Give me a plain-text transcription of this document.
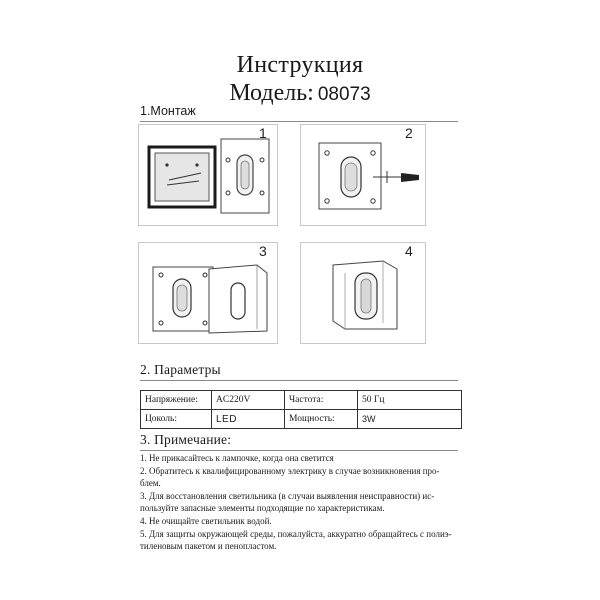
Инструкция
Модель: 08073
1.Монтаж
1	2
3	4
2. Параметры
Напряжение:	AC220V	Частота:	50 Гц
Цоколь:	LED	Мощность:	3W
3. Примечание:
1. Не прикасайтесь к лампочке, когда она светится
2. Обратитесь к квалифицированному электрику в случае возникновения про-
блем.
3. Для восстановления светильника (в случаи выявления неисправности) ис-
пользуйте запасные элементы подходящие по характеристикам.
4. Не очищайте светильник водой.
5. Для защиты окружающей среды, пожалуйста, аккуратно обращайтесь с полиэ-
тиленовым пакетом и пенопластом.
